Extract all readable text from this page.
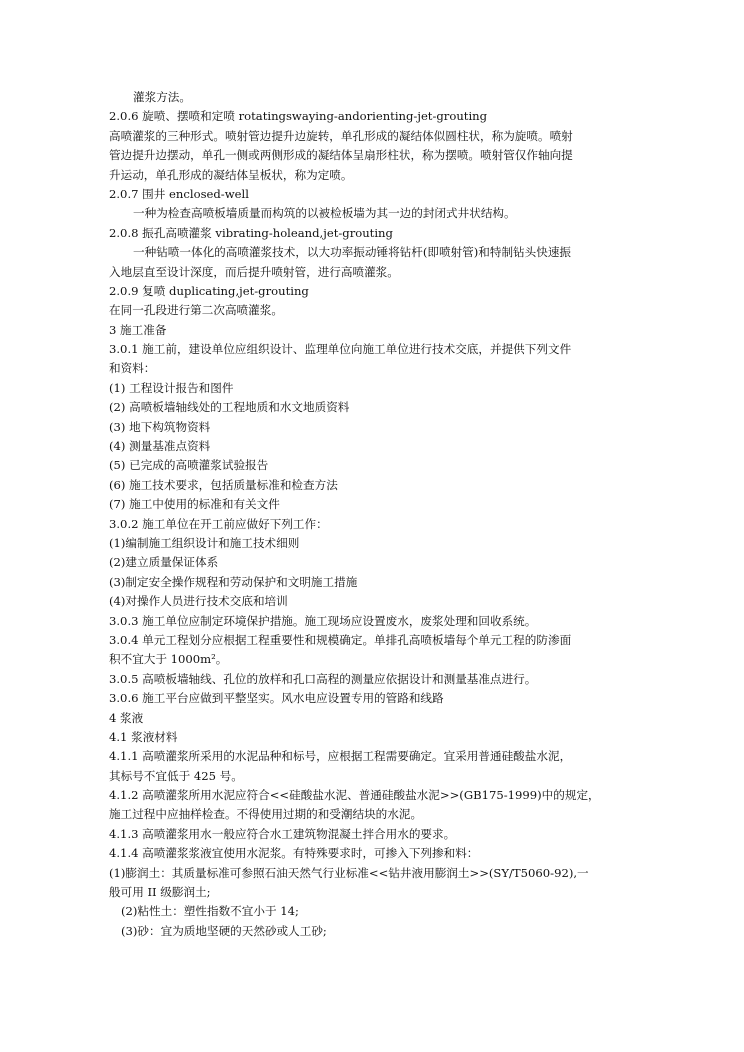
灌浆方法。
2.0.6 旋喷、摆喷和定喷 rotatingswaying-andorienting-jet-grouting
高喷灌浆的三种形式。喷射管边提升边旋转，单孔形成的凝结体似圆柱状，称为旋喷。喷射
管边提升边摆动，单孔一侧或两侧形成的凝结体呈扇形柱状，称为摆喷。喷射管仅作轴向提
升运动，单孔形成的凝结体呈板状，称为定喷。
2.0.7 围井 enclosed-well
一种为检查高喷板墙质量而构筑的以被检板墙为其一边的封闭式井状结构。
2.0.8 振孔高喷灌浆 vibrating-holeand,jet-grouting
一种钻喷一体化的高喷灌浆技术，以大功率振动锤将钻杆(即喷射管)和特制钻头快速振
入地层直至设计深度，而后提升喷射管，进行高喷灌浆。
2.0.9 复喷 duplicating,jet-grouting
在同一孔段进行第二次高喷灌浆。
3 施工准备
3.0.1 施工前，建设单位应组织设计、监理单位向施工单位进行技术交底，并提供下列文件
和资料：
(1) 工程设计报告和图件
(2) 高喷板墙轴线处的工程地质和水文地质资料
(3) 地下构筑物资料
(4) 测量基准点资料
(5) 已完成的高喷灌浆试验报告
(6) 施工技术要求，包括质量标准和检查方法
(7) 施工中使用的标准和有关文件
3.0.2 施工单位在开工前应做好下列工作：
(1)编制施工组织设计和施工技术细则
(2)建立质量保证体系
(3)制定安全操作规程和劳动保护和文明施工措施
(4)对操作人员进行技术交底和培训
3.0.3 施工单位应制定环境保护措施。施工现场应设置废水，废浆处理和回收系统。
3.0.4 单元工程划分应根据工程重要性和规模确定。单排孔高喷板墙每个单元工程的防渗面
积不宜大于 1000m²。
3.0.5 高喷板墙轴线、孔位的放样和孔口高程的测量应依据设计和测量基准点进行。
3.0.6 施工平台应做到平整坚实。风水电应设置专用的管路和线路
4 浆液
4.1 浆液材料
4.1.1 高喷灌浆所采用的水泥品种和标号，应根据工程需要确定。宜采用普通硅酸盐水泥，
其标号不宜低于 425 号。
4.1.2 高喷灌浆所用水泥应符合<<硅酸盐水泥、普通硅酸盐水泥>>(GB175-1999)中的规定，
施工过程中应抽样检查。不得使用过期的和受潮结块的水泥。
4.1.3 高喷灌浆用水一般应符合水工建筑物混凝土拌合用水的要求。
4.1.4 高喷灌浆浆液宜使用水泥浆。有特殊要求时，可掺入下列掺和料：
(1)膨润土：其质量标准可参照石油天然气行业标准<<钻井液用膨润土>>(SY/T5060-92),一
般可用 II 级膨润土;
(2)粘性土：塑性指数不宜小于 14;
(3)砂：宜为质地坚硬的天然砂或人工砂;
